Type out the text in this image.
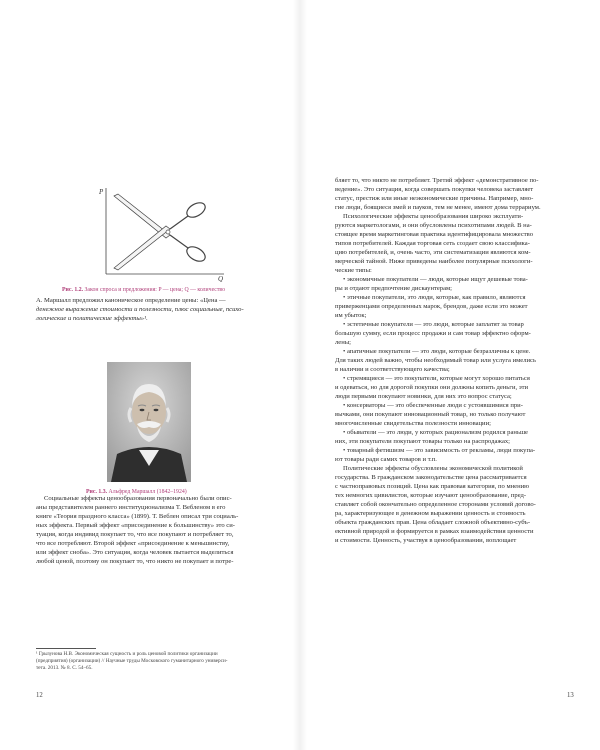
P
Q
Рис. 1.2. Закон спроса и предложения: P — цена; Q — количество

А. Маршалл предложил каноническое определение цены: «Цена —
денежное выражение стоимости и полезности, плюс социальные, психо-
логические и политические эффекты»¹.

Рис. 1.3. Альфред Маршалл (1842–1924)

Социальные эффекты ценообразования первоначально были опис-
аны представителем раннего институционализма Т. Вебленом в его
книге «Теория праздного класса» (1899). Т. Веблен описал три социаль-
ных эффекта. Первый эффект «присоединение к большинству» это си-
туация, когда индивид покупает то, что все покупают и потребляет то,
что все потребляют. Второй эффект «присоединение к меньшинству,
или эффект сноба». Это ситуация, когда человек пытается выделиться
любой ценой, поэтому он покупает то, что никто не покупает и потре-

¹ Грызунова Н.В. Экономическая сущность и роль ценовой политики организации
(предприятия) (организации) // Научные труды Московского гуманитарного универси-
тета. 2013. № 8. С. 54–65.
12

бляет то, что никто не потребляет. Третий эффект «демонстративное по-
ведение». Это ситуация, когда совершать покупки человека заставляет
статус, престиж или иные неэкономические причины. Например, мно-
гие люди, боящиеся змей и пауков, тем не менее, имеют дома террариум.
Психологические эффекты ценообразования широко эксплуати-
руются маркетологами, и они обусловлены психотипами людей. В на-
стоящее время маркетинговая практика идентифицировала множество
типов потребителей. Каждая торговая сеть создает свою классифика-
цию потребителей, и, очень часто, эти систематизации являются ком-
мерческой тайной. Ниже приведены наиболее популярные психологи-
ческие типы:
• экономичные покупатели — люди, которые ищут дешевые това-
ры и отдают предпочтение дискаунтерам;
• этичные покупатели, это люди, которые, как правило, являются
приверженцами определенных марок, брендов, даже если это может
им убыток;
• эстетичные покупатели — это люди, которые заплатят за товар
большую сумму, если процесс продажи и сам товар эффектно оформ-
лены;
• апатичные покупатели — это люди, которые безразличны к цене.
Для таких людей важно, чтобы необходимый товар или услуга имелись
в наличии и соответствующего качества;
• стремящиеся — это покупатели, которые могут хорошо питаться
и одеваться, но для дорогой покупки они должны копить деньги, эти
люди первыми покупают новинки, для них это вопрос статуса;
• консерваторы — это обеспеченные люди с устоявшимися при-
вычками, они покупают инновационный товар, но только получают
многочисленные свидетельства полезности инновации;
• обыватели — это люди, у которых рационализм родился раньше
них, эти покупатели покупают товары только на распродажах;
• товарный фетишизм — это зависимость от рекламы, люди покупа-
ют товары ради самих товаров и т.п.
Политические эффекты обусловлены экономической политикой
государства. В гражданском законодательстве цена рассматривается
с частноправовых позиций. Цена как правовая категория, по мнению
тех немногих цивилистов, которые изучают ценообразование, пред-
ставляет собой окончательно определенное сторонами условий догово-
ра, характеризующее в денежном выражении ценность и стоимость
объекта гражданских прав. Цена обладает сложной объективно-субъ-
ективной природой и формируется в рамках взаимодействия ценности
и стоимости. Ценность, участвуя в ценообразовании, воплощает

13
